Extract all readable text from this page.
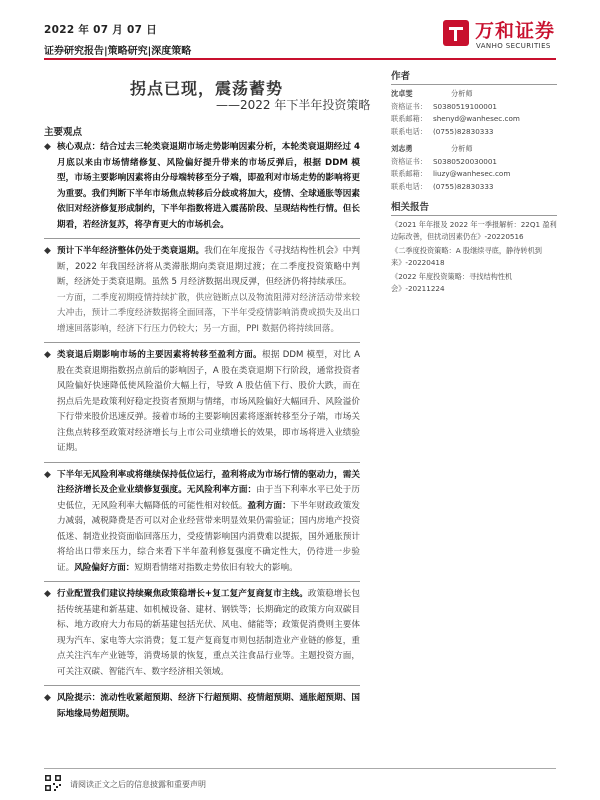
2022 年 07 月 07 日
证券研究报告|策略研究|深度策略
万和证券
VANHO SECURITIES
拐点已现，震荡蓄势
——2022 年下半年投资策略
主要观点
◆ 核心观点：结合过去三轮类衰退期市场走势影响因素分析，本轮类衰退期经过 4 月底以来由市场情绪修复、风险偏好提升带来的市场反弹后，根据 DDM 模型，市场主要影响因素将由分母端转移至分子端，即盈利对市场走势的影响将更为重要。我们判断下半年市场焦点转移后分歧或将加大，疫情、全球通胀等因素依旧对经济修复形成制约，下半年指数将进入震荡阶段、呈现结构性行情。但长期看，若经济复苏，将孕育更大的市场机会。
◆ 预计下半年经济整体仍处于类衰退期。我们在年度报告《寻找结构性机会》中判断，2022 年我国经济将从类滞胀期向类衰退期过渡；在二季度投资策略中判断，经济处于类衰退期。虽然 5 月经济数据出现反弹，但经济仍将持续承压。
一方面，二季度初期疫情持续扩散，供应链断点以及物流阻滞对经济活动带来较大冲击，预计二季度经济数据将全面回落，下半年受疫情影响消费或损失及出口增速回落影响，经济下行压力仍较大；另一方面，PPI 数据仍将持续回落。
◆ 类衰退后期影响市场的主要因素将转移至盈利方面。根据 DDM 模型，对比 A 股在类衰退期指数拐点前后的影响因子，A 股在类衰退期下行阶段，通常投资者风险偏好快速降低使风险溢价大幅上行，导致 A 股估值下行、股价大跌，而在拐点后先是政策利好稳定投资者预期与情绪，市场风险偏好大幅回升、风险溢价下行带来股价迅速反弹。接着市场的主要影响因素将逐渐转移至分子端，市场关注焦点转移至政策对经济增长与上市公司业绩增长的效果，即市场将进入业绩验证期。
◆ 下半年无风险利率或将继续保持低位运行，盈利将成为市场行情的驱动力，需关注经济增长及企业业绩修复强度。无风险利率方面：由于当下利率水平已处于历史低位，无风险利率大幅降低的可能性相对较低。盈利方面：下半年财政政策发力减弱，减税降费是否可以对企业经营带来明显效果仍需验证；国内房地产投资低迷、制造业投资面临回落压力，受疫情影响国内消费难以提振，国外通胀预计将给出口带来压力，综合来看下半年盈利修复强度不确定性大，仍待进一步验证。风险偏好方面：短期看情绪对指数走势依旧有较大的影响。
◆ 行业配置我们建议持续聚焦政策稳增长+复工复产复商复市主线。政策稳增长包括传统基建和新基建、如机械设备、建材、钢铁等；长期确定的政策方向双碳目标、地方政府大力布局的新基建包括光伏、风电、储能等；政策促消费则主要体现为汽车、家电等大宗消费；复工复产复商复市则包括制造业产业链的修复，重点关注汽车产业链等，消费场景的恢复，重点关注食品行业等。主题投资方面，可关注双碳、智能汽车、数字经济相关领域。
◆ 风险提示：流动性收紧超预期、经济下行超预期、疫情超预期、通胀超预期、国际地缘局势超预期。
作者
沈卓雯	分析师
资格证书： S0380519100001
联系邮箱： shenyd@wanhesec.com
联系电话： (0755)82830333
刘志勇	分析师
资格证书： S0380520030001
联系邮箱： liuzy@wanhesec.com
联系电话： (0755)82830333
相关报告
《2021 年年报及 2022 年一季报解析：22Q1 盈利边际改善，但扰动因素仍在》-20220516
《二季度投资策略：A 股继续寻底，静待转机到来》-20220418
《2022 年度投资策略：寻找结构性机会》-20211224
请阅读正文之后的信息披露和重要声明
